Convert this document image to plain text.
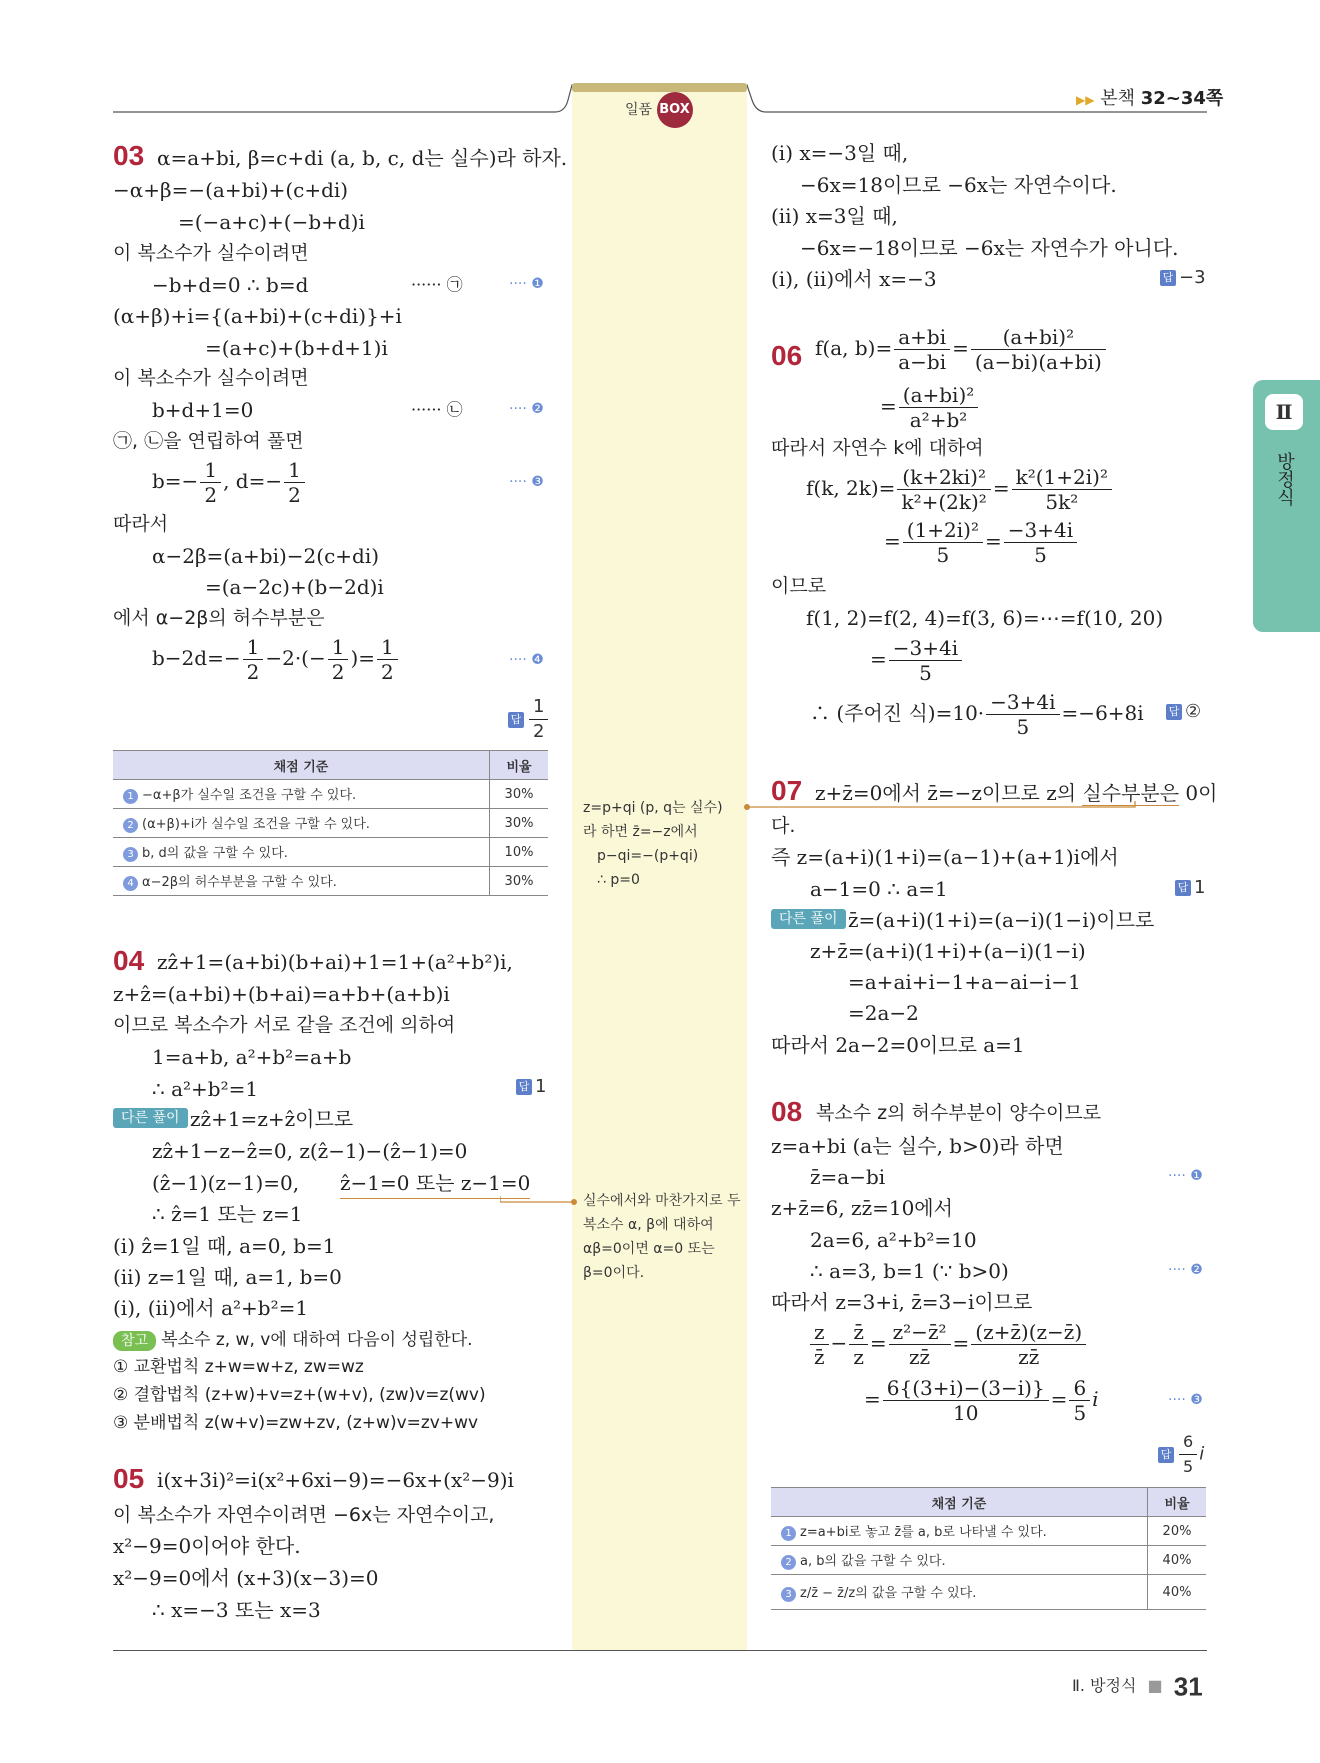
일품 BOX
▶▶ 본책 32~34쪽
Ⅱ
방정식
03 α=a+bi, β=c+di (a, b, c, d는 실수)라 하자.
−α+β=−(a+bi)+(c+di)
=(−a+c)+(−b+d)i
이 복소수가 실수이려면
−b+d=0 ∴ b=d	······ ㉠	···· ❶
(α+β)+i={(a+bi)+(c+di)}+i
=(a+c)+(b+d+1)i
이 복소수가 실수이려면
b+d+1=0	······ ㉡	···· ❷
㉠, ㉡을 연립하여 풀면
$b=- \frac{1}{2}$ , $d=- \frac{1}{2}$	···· ❸
따라서
α−2β=(a+bi)−2(c+di)
=(a−2c)+(b−2d)i
에서 α−2β의 허수부분은
$b-2d=- \frac{1}{2} -2\cdot(- \frac{1}{2}$ )= $\frac{1}{2}$	···· ❹
답 $\frac{1}{2}$
채점 기준	비율
1 −α+β가 실수일 조건을 구할 수 있다.	30%
2 (α+β)+i가 실수일 조건을 구할 수 있다.	30%
3 b, d의 값을 구할 수 있다.	10%
4 α−2β의 허수부분을 구할 수 있다.	30%
04 zẑ+1=(a+bi)(b+ai)+1=1+(a²+b²)i,
z+ẑ=(a+bi)+(b+ai)=a+b+(a+b)i
이므로 복소수가 서로 같을 조건에 의하여
1=a+b, a²+b²=a+b
∴ a²+b²=1	답 1
다른 풀이 zẑ+1=z+ẑ이므로
zẑ+1−z−ẑ=0, z(ẑ−1)−(ẑ−1)=0
(ẑ−1)(z−1)=0, ẑ−1=0 또는 z−1=0
∴ ẑ=1 또는 z=1
(ⅰ) ẑ=1일 때, a=0, b=1
(ⅱ) z=1일 때, a=1, b=0
(ⅰ), (ⅱ)에서 a²+b²=1
참고 복소수 z, w, v에 대하여 다음이 성립한다.
① 교환법칙 z+w=w+z, zw=wz
② 결합법칙 (z+w)+v=z+(w+v), (zw)v=z(wv)
③ 분배법칙 z(w+v)=zw+zv, (z+w)v=zv+wv
05 i(x+3i)²=i(x²+6xi−9)=−6x+(x²−9)i
이 복소수가 자연수이려면 −6x는 자연수이고,
x²−9=0이어야 한다.
x²−9=0에서 (x+3)(x−3)=0
∴ x=−3 또는 x=3
(ⅰ) x=−3일 때,
−6x=18이므로 −6x는 자연수이다.
(ⅱ) x=3일 때,
−6x=−18이므로 −6x는 자연수가 아니다.
(ⅰ), (ⅱ)에서 x=−3	답 −3
06 f(a, $b)= \frac{a+bi}{a-bi} = \frac{\text{(a+bi)²}}{(a-bi)(a+bi)}$
= $\frac{\text{(a+bi)²}}{\text{a²+b²}}$
따라서 자연수 k에 대하여
f(k, $2k)= \frac{\text{(k+2ki)²}}{\text{k²+(2k)²}} = \frac{\text{k²(1+2i)²}}{\text{5k²}}$
= $\frac{\text{(1+2i)²}}{5} = \frac{-3+4i}{5}$
이므로
f(1, 2)=f(2, 4)=f(3, 6)=⋯=f(10, 20)
= $\frac{-3+4i}{5}$
∴ (주어진 식)$=10\cdot \frac{-3+4i}{5} =-6+8i$ 답 ②
z=p+qi (p, q는 실수)
라 하면 z̄=−z에서
p−qi=−(p+qi)
∴ p=0
07 z+z̄=0에서 z̄=−z이므로 z의 실수부분은 0이
다.
즉 z=(a+i)(1+i)=(a−1)+(a+1)i에서
a−1=0 ∴ a=1	답 1
다른 풀이 z̄=(a+i)(1+i)=(a−i)(1−i)이므로
z+z̄=(a+i)(1+i)+(a−i)(1−i)
=a+ai+i−1+a−ai−i−1
=2a−2
따라서 2a−2=0이므로 a=1
08 복소수 z의 허수부분이 양수이므로
z=a+bi (a는 실수, b>0)라 하면
z̄=a−bi	···· ❶
z+z̄=6, zz̄=10에서
2a=6, a²+b²=10
∴ a=3, b=1 (∵ b>0)	···· ❷
따라서 z=3+i, z̄=3−i이므로
$\frac{z}{z̄} - \frac{z̄}{z} = \frac{\text{z²−z̄²}}{zz̄} = \frac{(z+z̄)(z-z̄)}{zz̄}$
= $\frac{6\{(3+i)-(3-i)\}}{10} = \frac{6}{5}$ i	···· ❸
답 $\frac{6}{5}$ i
실수에서와 마찬가지로 두
복소수 α, β에 대하여
αβ=0이면 α=0 또는
β=0이다.
채점 기준	비율
1 z=a+bi로 놓고 z̄를 a, b로 나타낼 수 있다.	20%
2 a, b의 값을 구할 수 있다.	40%
3 z/z̄ − z̄/z의 값을 구할 수 있다.	40%
Ⅱ. 방정식 ■ 31
